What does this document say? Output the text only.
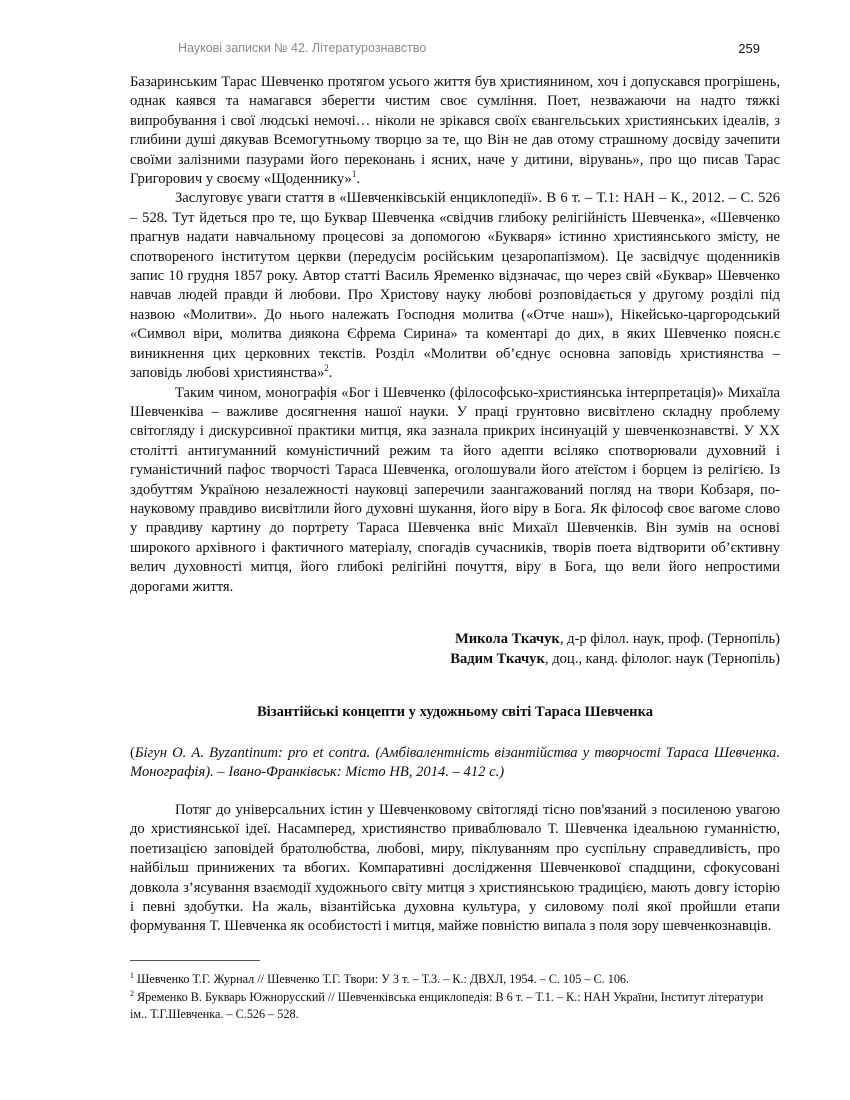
Наукові записки № 42. Літературознавство	259

Базаринським Тарас Шевченко протягом усього життя був християнином, хоч і допускався прогрішень, однак каявся та намагався зберегти чистим своє сумління. Поет, незважаючи на надто тяжкі випробування і свої людські немочі… ніколи не зрікався своїх євангельських християнських ідеалів, з глибини душі дякував Всемогутньому творцю за те, що Він не дав отому страшному досвіду зачепити своїми залізними пазурами його переконань і ясних, наче у дитини, вірувань», про що писав Тарас Григорович у своєму «Щоденнику»$^1$.

Заслуговує уваги стаття в «Шевченківській енциклопедії». В 6 т. – Т.1: НАН – К., 2012. – С. 526 – 528. Тут йдеться про те, що Буквар Шевченка «свідчив глибоку релігійність Шевченка», «Шевченко прагнув надати навчальному процесові за допомогою «Букваря» істинно християнського змісту, не спотвореного інститутом церкви (передусім російським цезаропапізмом). Це засвідчує щоденників запис 10 грудня 1857 року. Автор статті Василь Яременко відзначає, що через свій «Буквар» Шевченко навчав людей правди й любови. Про Христову науку любові розповідається у другому розділі під назвою «Молитви». До нього належать Господня молитва («Отче наш»), Нікейсько-царгородський «Символ віри, молитва диякона Єфрема Сирина» та коментарі до дих, в яких Шевченко поясн.є виникнення цих церковних текстів. Розділ «Молитви об’єднує основна заповідь християнства – заповідь любові християнства»$^2$.

Таким чином, монографія «Бог і Шевченко (філософсько-християнська інтерпретація)» Михаїла Шевченківа – важливе досягнення нашої науки. У праці грунтовно висвітлено складну проблему світогляду і дискурсивної практики митця, яка зазнала прикрих інсинуацій у шевченкознавстві. У ХХ столітті антигуманний комуністичний режим та його адепти всіляко спотворювали духовний і гуманістичний пафос творчості Тараса Шевченка, оголошували його атеїстом і борцем із релігією. Із здобуттям Україною незалежності науковці заперечили заангажований погляд на твори Кобзаря, по-науковому правдиво висвітлили його духовні шукання, його віру в Бога. Як філософ своє вагоме слово у правдиву картину до портрету Тараса Шевченка вніс Михаїл Шевченків. Він зумів на основі широкого архівного і фактичного матеріалу, спогадів сучасників, творів поета відтворити об’єктивну велич духовності митця, його глибокі релігійні почуття, віру в Бога, що вели його непростими дорогами життя.

Микола Ткачук, д-р філол. наук, проф. (Тернопіль)
Вадим Ткачук, доц., канд. філолог. наук (Тернопіль)
Візантійські концепти у художньому світі Тараса Шевченка
(Бігун О. А. Byzantinum: pro et contra. (Амбівалентність візантійства у творчості Тараса Шевченка. Монографія). – Івано-Франківськ: Місто НВ, 2014. – 412 с.)

Потяг до універсальних істин у Шевченковому світогляді тісно пов'язаний з посиленою увагою до християнської ідеї. Насамперед, християнство приваблювало Т. Шевченка ідеальною гуманністю, поетизацією заповідей братолюбства, любові, миру, піклуванням про суспільну справедливість, про найбільш принижених та вбогих. Компаративні дослідження Шевченкової спадщини, сфокусовані довкола з’ясування взаємодії художнього світу митця з християнською традицією, мають довгу історію і певні здобутки. На жаль, візантійська духовна культура, у силовому полі якої пройшли етапи формування Т. Шевченка як особистості і митця, майже повністю випала з поля зору шевченкознавців.

$^1$ Шевченко Т.Г. Журнал // Шевченко Т.Г. Твори: У 3 т. – Т.3. – К.: ДВХЛ, 1954. – С. 105 – С. 106.

$^2$ Яременко В. Букварь Южнорусский // Шевченківська енциклопедія: В 6 т. – Т.1. – К.: НАН України, Інститут літератури ім.. Т.Г.Шевченка. – С.526 – 528.
